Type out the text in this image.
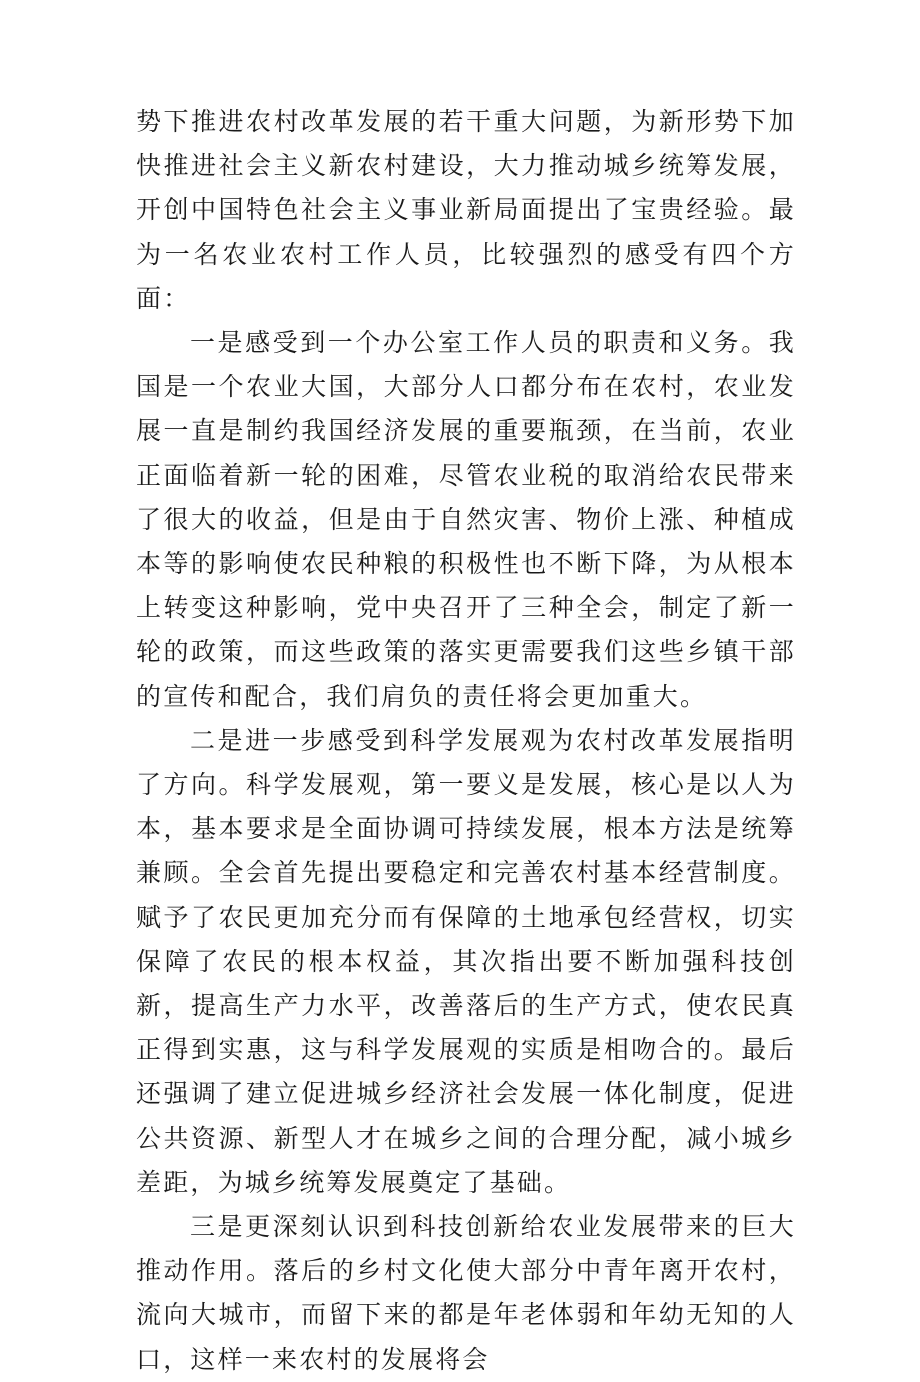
势下推进农村改革发展的若干重大问题，为新形势下加快推进社会主义新农村建设，大力推动城乡统筹发展，开创中国特色社会主义事业新局面提出了宝贵经验。最为一名农业农村工作人员，比较强烈的感受有四个方面：

一是感受到一个办公室工作人员的职责和义务。我国是一个农业大国，大部分人口都分布在农村，农业发展一直是制约我国经济发展的重要瓶颈，在当前，农业正面临着新一轮的困难，尽管农业税的取消给农民带来了很大的收益，但是由于自然灾害、物价上涨、种植成本等的影响使农民种粮的积极性也不断下降，为从根本上转变这种影响，党中央召开了三种全会，制定了新一轮的政策，而这些政策的落实更需要我们这些乡镇干部的宣传和配合，我们肩负的责任将会更加重大。

二是进一步感受到科学发展观为农村改革发展指明了方向。科学发展观，第一要义是发展，核心是以人为本，基本要求是全面协调可持续发展，根本方法是统筹兼顾。全会首先提出要稳定和完善农村基本经营制度。赋予了农民更加充分而有保障的土地承包经营权，切实保障了农民的根本权益，其次指出要不断加强科技创新，提高生产力水平，改善落后的生产方式，使农民真正得到实惠，这与科学发展观的实质是相吻合的。最后还强调了建立促进城乡经济社会发展一体化制度，促进公共资源、新型人才在城乡之间的合理分配，减小城乡差距，为城乡统筹发展奠定了基础。

三是更深刻认识到科技创新给农业发展带来的巨大推动作用。落后的乡村文化使大部分中青年离开农村，流向大城市，而留下来的都是年老体弱和年幼无知的人口，这样一来农村的发展将会
